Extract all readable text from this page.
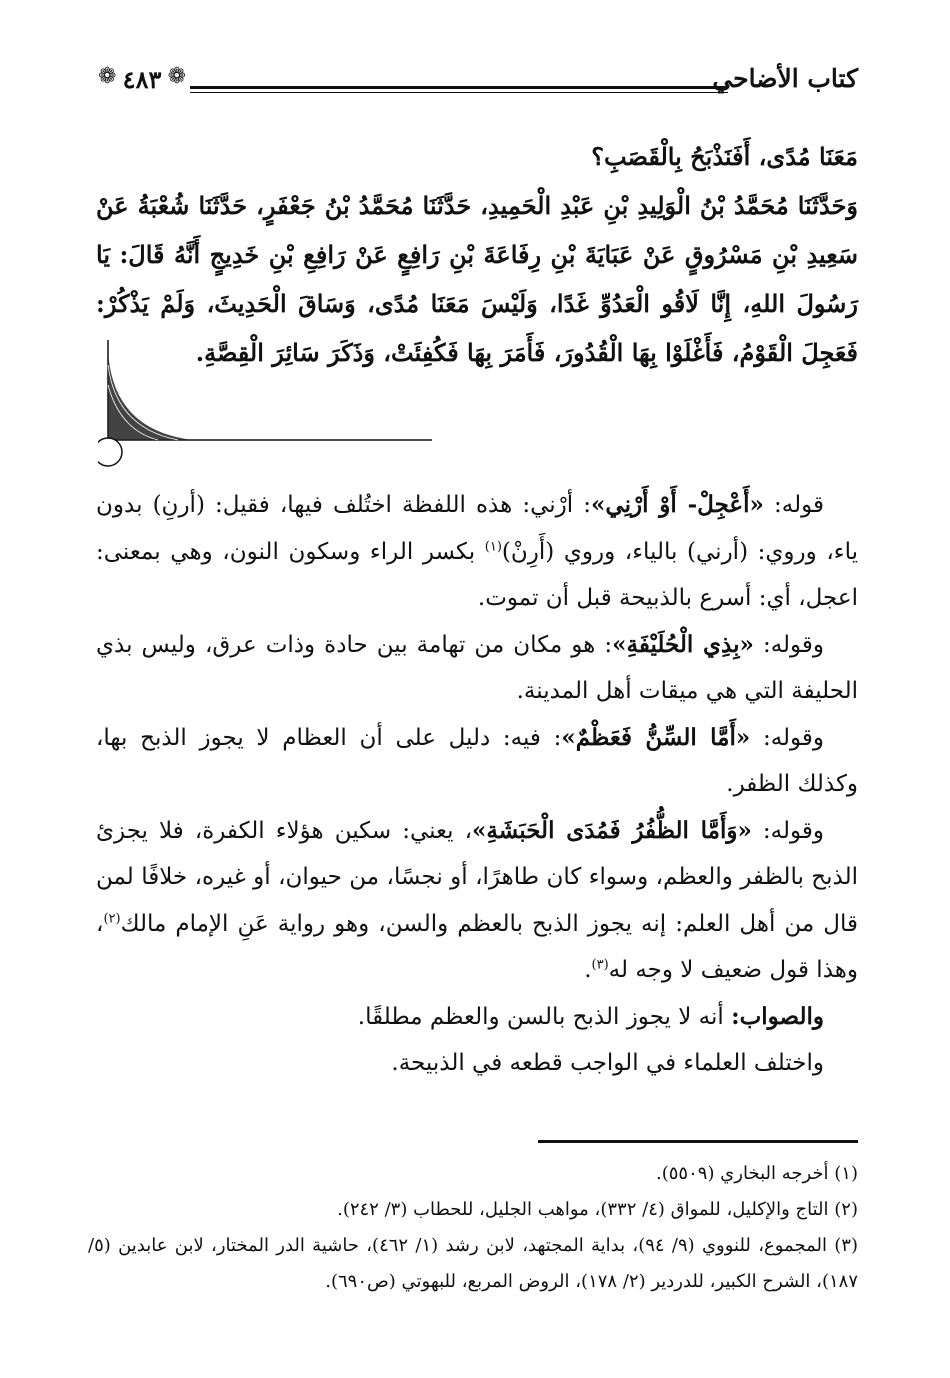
كتاب الأضاحي
❁
٤٨٣
❁

مَعَنَا مُدًى، أَفَنَذْبَحُ بِالْقَصَبِ؟

وَحَدَّثَنَا مُحَمَّدُ بْنُ الْوَلِيدِ بْنِ عَبْدِ الْحَمِيدِ، حَدَّثَنَا مُحَمَّدُ بْنُ جَعْفَرٍ، حَدَّثَنَا شُعْبَةُ عَنْ سَعِيدِ بْنِ مَسْرُوقٍ عَنْ عَبَايَةَ بْنِ رِفَاعَةَ بْنِ رَافِعٍ عَنْ رَافِعِ بْنِ خَدِيجٍ أَنَّهُ قَالَ: يَا رَسُولَ اللهِ، إِنَّا لَاقُو الْعَدُوِّ غَدًا، وَلَيْسَ مَعَنَا مُدًى، وَسَاقَ الْحَدِيثَ، وَلَمْ يَذْكُرْ: فَعَجِلَ الْقَوْمُ، فَأَغْلَوْا بِهَا الْقُدُورَ، فَأَمَرَ بِهَا فَكُفِئَتْ، وَذَكَرَ سَائِرَ الْقِصَّةِ.

قوله: «أَعْجِلْ- أَوْ أَرْنِي»: أرْني: هذه اللفظة اختُلف فيها، فقيل: (أرنِ) بدون ياء، وروي: (أرني) بالياء، وروي (أَرِنْ)$^{(١)}$ بكسر الراء وسكون النون، وهي بمعنى: اعجل، أي: أسرع بالذبيحة قبل أن تموت.

وقوله: «بِذِي الْحُلَيْفَةِ»: هو مكان من تهامة بين حادة وذات عرق، وليس بذي الحليفة التي هي ميقات أهل المدينة.

وقوله: «أَمَّا السِّنُّ فَعَظْمٌ»: فيه: دليل على أن العظام لا يجوز الذبح بها، وكذلك الظفر.

وقوله: «وَأَمَّا الظُّفُرُ فَمُدَى الْحَبَشَةِ»، يعني: سكين هؤلاء الكفرة، فلا يجزئ الذبح بالظفر والعظم، وسواء كان طاهرًا، أو نجسًا، من حيوان، أو غيره، خلافًا لمن قال من أهل العلم: إنه يجوز الذبح بالعظم والسن، وهو رواية عَنِ الإمام مالك$^{(٢)}$، وهذا قول ضعيف لا وجه له$^{(٣)}$.

والصواب: أنه لا يجوز الذبح بالسن والعظم مطلقًا.

واختلف العلماء في الواجب قطعه في الذبيحة.

(١) أخرجه البخاري (٥٥٠٩).

(٢) التاج والإكليل، للمواق (٤/ ٣٣٢)، مواهب الجليل، للحطاب (٣/ ٢٤٢).

(٣) المجموع، للنووي (٩/ ٩٤)، بداية المجتهد، لابن رشد (١/ ٤٦٢)، حاشية الدر المختار، لابن عابدين (٥/ ١٨٧)، الشرح الكبير، للدردير (٢/ ١٧٨)، الروض المربع، للبهوتي (ص٦٩٠).
